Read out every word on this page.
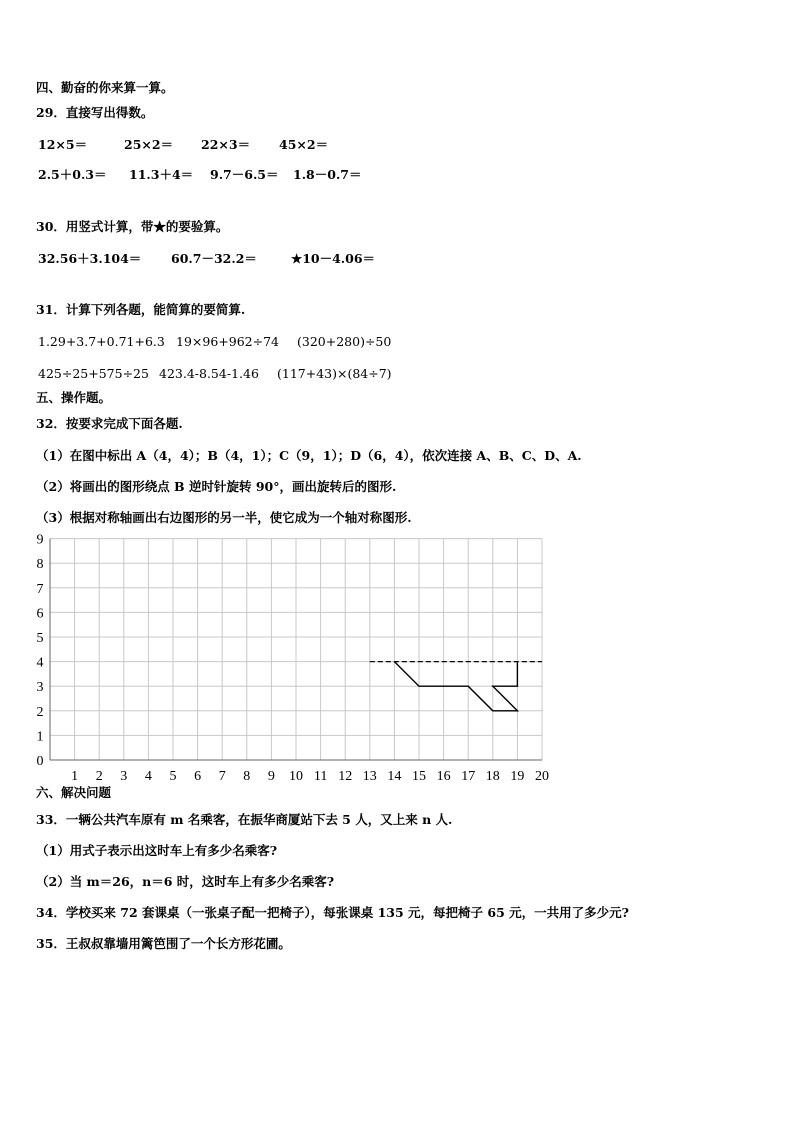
四、勤奋的你来算一算。
29．直接写出得数。
12×5＝	25×2＝ 22×3＝ 45×2＝
2.5＋0.3＝ 11.3＋4＝ 9.7－6.5＝ 1.8－0.7＝
30．用竖式计算，带★的要验算。
32.56＋3.104＝ 60.7－32.2＝	★10－4.06＝
31．计算下列各题，能简算的要简算.
1.29+3.7+0.71+6.3 19×96+962÷74 (320+280)÷50
425÷25+575÷25 423.4-8.54-1.46 (117+43)×(84÷7)
五、操作题。
32．按要求完成下面各题.
（1）在图中标出 A（4，4）；B（4，1）；C（9，1）；D（6，4），依次连接 A、B、C、D、A.
（2）将画出的图形绕点 B 逆时针旋转 90°，画出旋转后的图形.
（3）根据对称轴画出右边图形的另一半，使它成为一个轴对称图形.
1 2 3 4 5 6 7 8 9 10 11 12 13 14 15 16 17 18 19 20
0
1
2
3
4
5
6
7
8
9
六、解决问题
33．一辆公共汽车原有 m 名乘客，在振华商厦站下去 5 人，又上来 n 人.
（1）用式子表示出这时车上有多少名乘客?
（2）当 m＝26，n＝6 时，这时车上有多少名乘客?
34．学校买来 72 套课桌（一张桌子配一把椅子），每张课桌 135 元，每把椅子 65 元，一共用了多少元?
35．王叔叔靠墙用篱笆围了一个长方形花圃。
